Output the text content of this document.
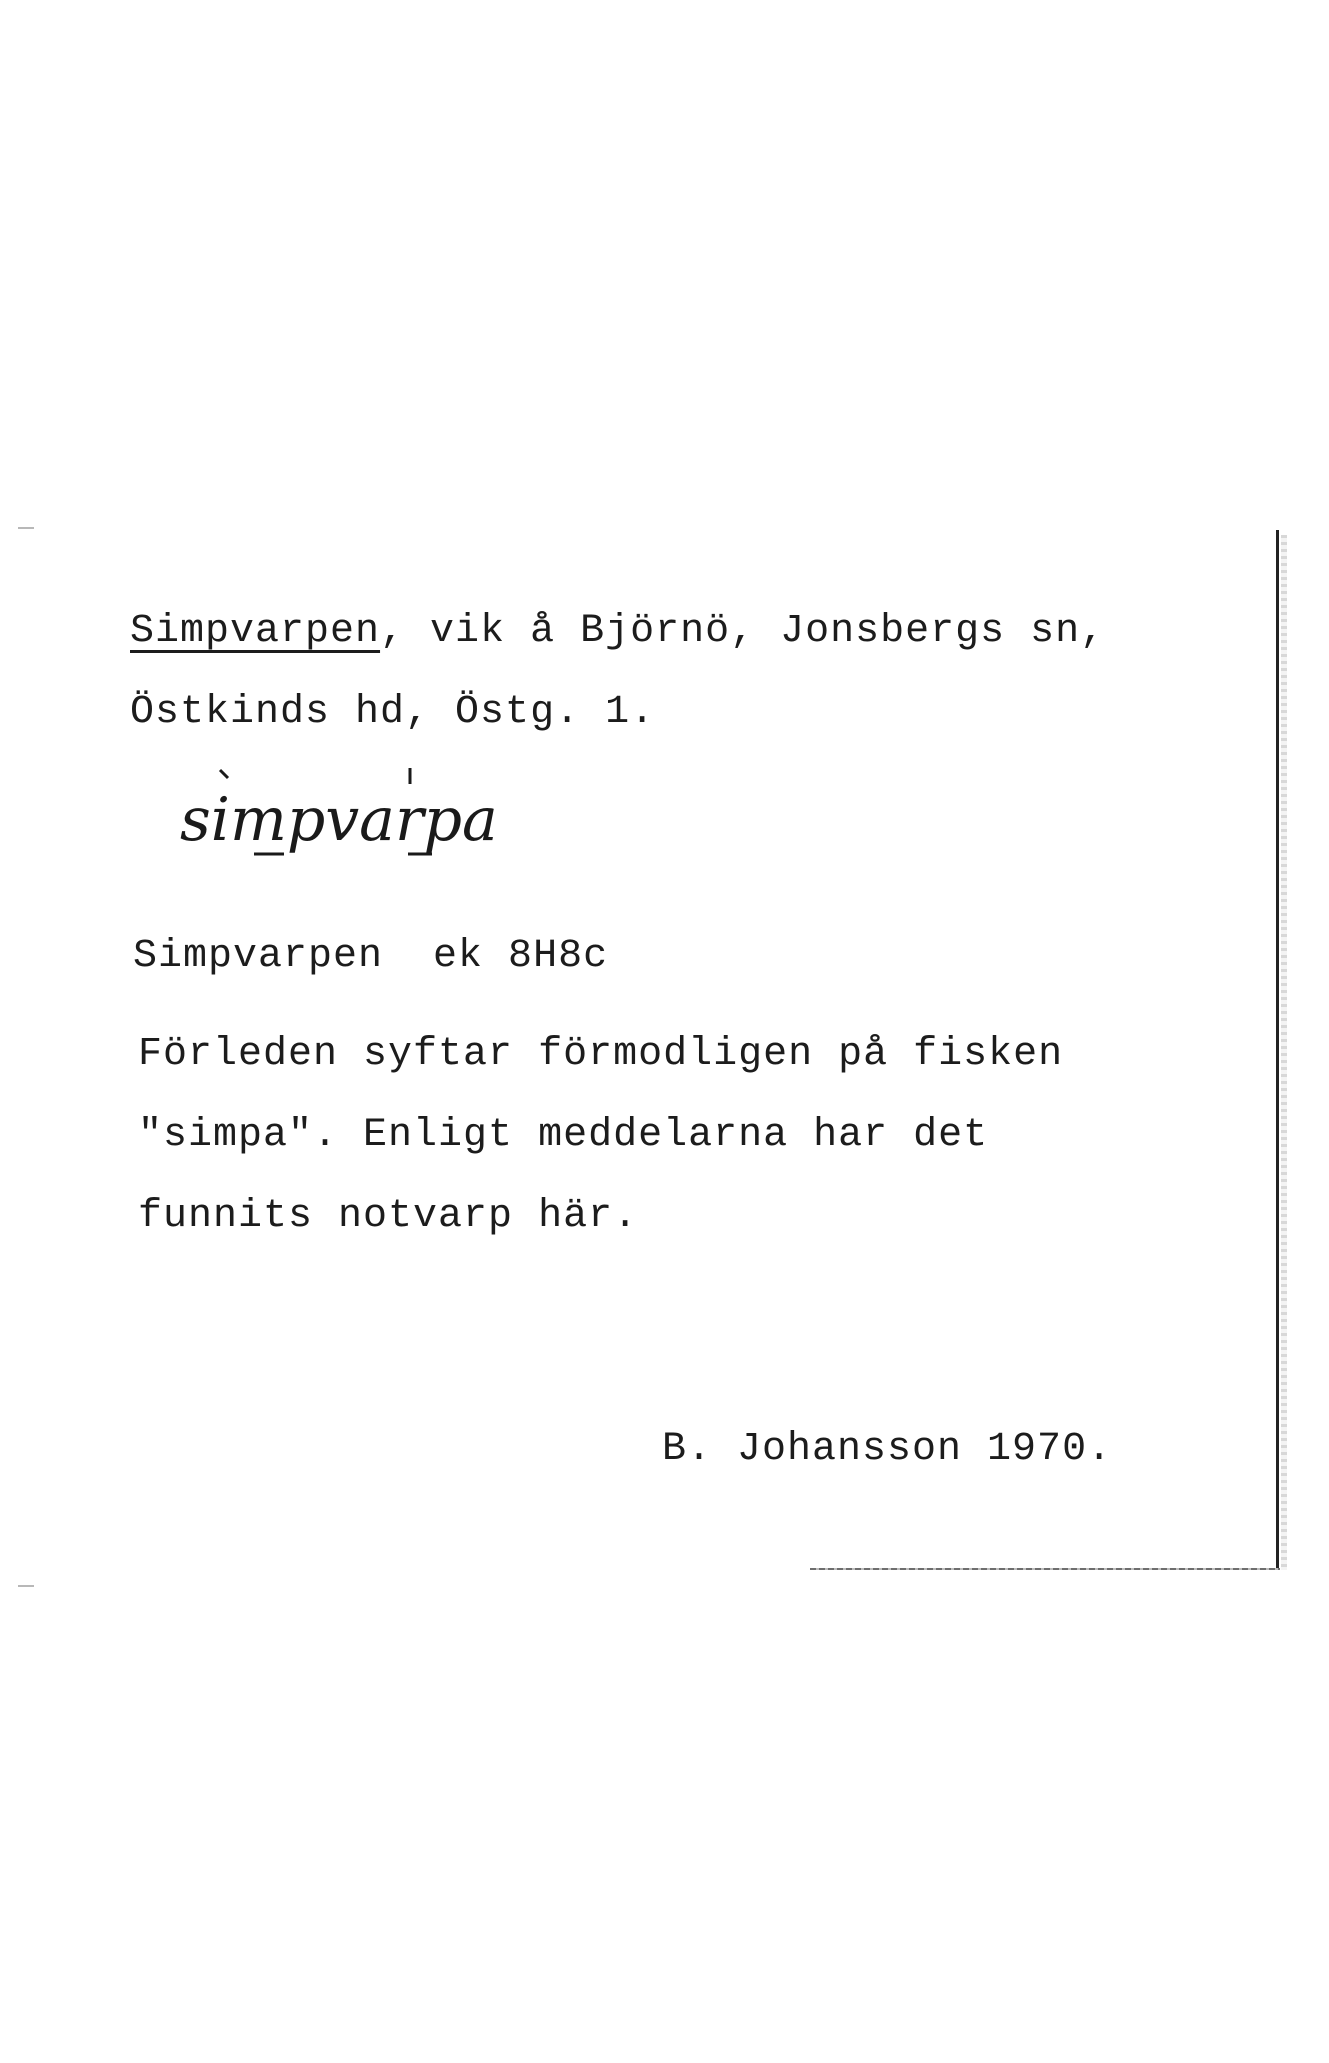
Simpvarpen, vik å Björnö, Jonsbergs sn,
Östkinds hd, Östg. 1.
simpvarpa
Simpvarpen  ek 8H8c
Förleden syftar förmodligen på fisken
"simpa". Enligt meddelarna har det
funnits notvarp här.
B. Johansson 1970.
